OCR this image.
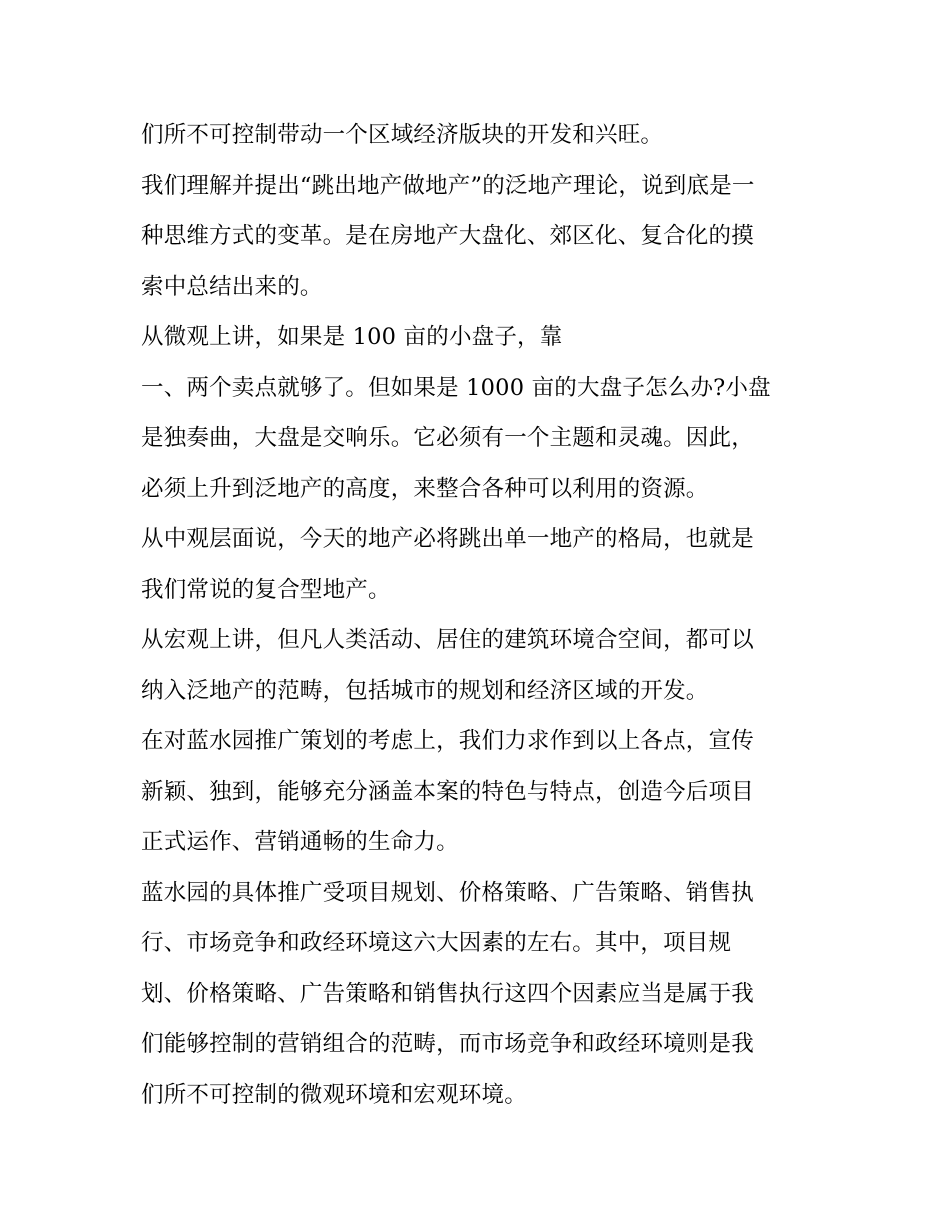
们所不可控制带动一个区域经济版块的开发和兴旺。
我们理解并提出“跳出地产做地产”的泛地产理论，说到底是一
种思维方式的变革。是在房地产大盘化、郊区化、复合化的摸
索中总结出来的。
从微观上讲，如果是 100 亩的小盘子，靠
一、两个卖点就够了。但如果是 1000 亩的大盘子怎么办?小盘
是独奏曲，大盘是交响乐。它必须有一个主题和灵魂。因此，
必须上升到泛地产的高度，来整合各种可以利用的资源。
从中观层面说，今天的地产必将跳出单一地产的格局，也就是
我们常说的复合型地产。
从宏观上讲，但凡人类活动、居住的建筑环境合空间，都可以
纳入泛地产的范畴，包括城市的规划和经济区域的开发。
在对蓝水园推广策划的考虑上，我们力求作到以上各点，宣传
新颖、独到，能够充分涵盖本案的特色与特点，创造今后项目
正式运作、营销通畅的生命力。
蓝水园的具体推广受项目规划、价格策略、广告策略、销售执
行、市场竞争和政经环境这六大因素的左右。其中，项目规
划、价格策略、广告策略和销售执行这四个因素应当是属于我
们能够控制的营销组合的范畴，而市场竞争和政经环境则是我
们所不可控制的微观环境和宏观环境。
